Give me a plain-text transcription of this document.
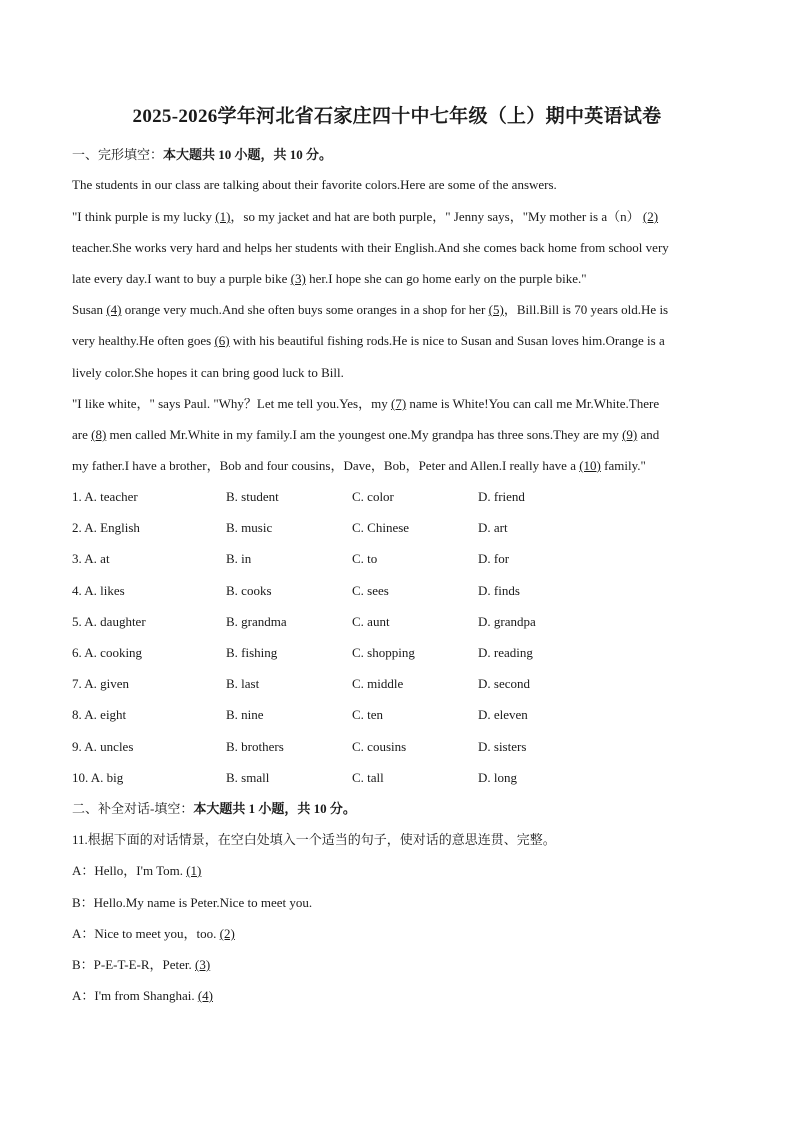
2025-2026学年河北省石家庄四十中七年级（上）期中英语试卷
一、完形填空：本大题共 10 小题，共 10 分。
The students in our class are talking about their favorite colors.Here are some of the answers.
"I think purple is my lucky (1)，so my jacket and hat are both purple，" Jenny says，"My mother is a（n） (2)
teacher.She works very hard and helps her students with their English.And she comes back home from school very
late every day.I want to buy a purple bike (3) her.I hope she can go home early on the purple bike."
Susan (4) orange very much.And she often buys some oranges in a shop for her (5)，Bill.Bill is 70 years old.He is
very healthy.He often goes (6) with his beautiful fishing rods.He is nice to Susan and Susan loves him.Orange is a
lively color.She hopes it can bring good luck to Bill.
"I like white，" says Paul. "Why？Let me tell you.Yes，my (7) name is White!You can call me Mr.White.There
are (8) men called Mr.White in my family.I am the youngest one.My grandpa has three sons.They are my (9) and
my father.I have a brother，Bob and four cousins，Dave，Bob，Peter and Allen.I really have a (10) family."
1. A. teacher	B. student	C. color	D. friend
2. A. English	B. music	C. Chinese	D. art
3. A. at	B. in	C. to	D. for
4. A. likes	B. cooks	C. sees	D. finds
5. A. daughter	B. grandma	C. aunt	D. grandpa
6. A. cooking	B. fishing	C. shopping	D. reading
7. A. given	B. last	C. middle	D. second
8. A. eight	B. nine	C. ten	D. eleven
9. A. uncles	B. brothers	C. cousins	D. sisters
10. A. big	B. small	C. tall	D. long
二、补全对话-填空：本大题共 1 小题，共 10 分。
11.根据下面的对话情景，在空白处填入一个适当的句子，使对话的意思连贯、完整。
A：Hello，I'm Tom. (1)
B：Hello.My name is Peter.Nice to meet you.
A：Nice to meet you，too. (2)
B：P-E-T-E-R，Peter. (3)
A：I'm from Shanghai. (4)
